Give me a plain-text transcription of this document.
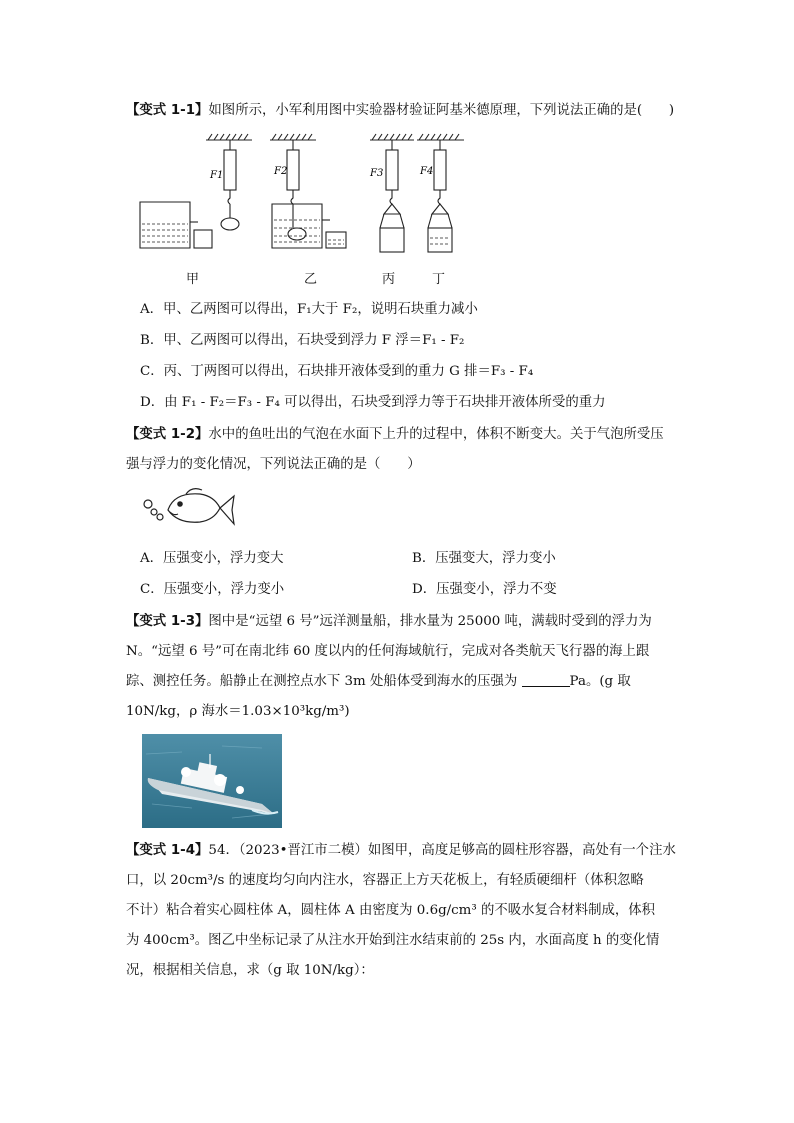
【变式 1-1】如图所示，小军利用图中实验器材验证阿基米德原理，下列说法正确的是(　　)
F1	F2	F3	F4
甲	乙	丙	丁
A．甲、乙两图可以得出，F₁大于 F₂，说明石块重力减小
B．甲、乙两图可以得出，石块受到浮力 F 浮＝F₁ - F₂
C．丙、丁两图可以得出，石块排开液体受到的重力 G 排＝F₃ - F₄
D．由 F₁ - F₂＝F₃ - F₄ 可以得出，石块受到浮力等于石块排开液体所受的重力
【变式 1-2】水中的鱼吐出的气泡在水面下上升的过程中，体积不断变大。关于气泡所受压
强与浮力的变化情况，下列说法正确的是（　　）
A．压强变小，浮力变大	B．压强变大，浮力变小
C．压强变小，浮力变小	D．压强变小，浮力不变
【变式 1-3】图中是“远望 6 号”远洋测量船，排水量为 25000 吨，满载时受到的浮力为
N。“远望 6 号”可在南北纬 60 度以内的任何海域航行，完成对各类航天飞行器的海上跟
踪、测控任务。船静止在测控点水下 3m 处船体受到海水的压强为	Pa。(g 取
10N/kg，ρ 海水＝1.03×10³kg/m³)
【变式 1-4】54．（2023•晋江市二模）如图甲，高度足够高的圆柱形容器，高处有一个注水
口，以 20cm³/s 的速度均匀向内注水，容器正上方天花板上，有轻质硬细杆（体积忽略
不计）粘合着实心圆柱体 A，圆柱体 A 由密度为 0.6g/cm³ 的不吸水复合材料制成，体积
为 400cm³。图乙中坐标记录了从注水开始到注水结束前的 25s 内，水面高度 h 的变化情
况，根据相关信息，求（g 取 10N/kg）：
